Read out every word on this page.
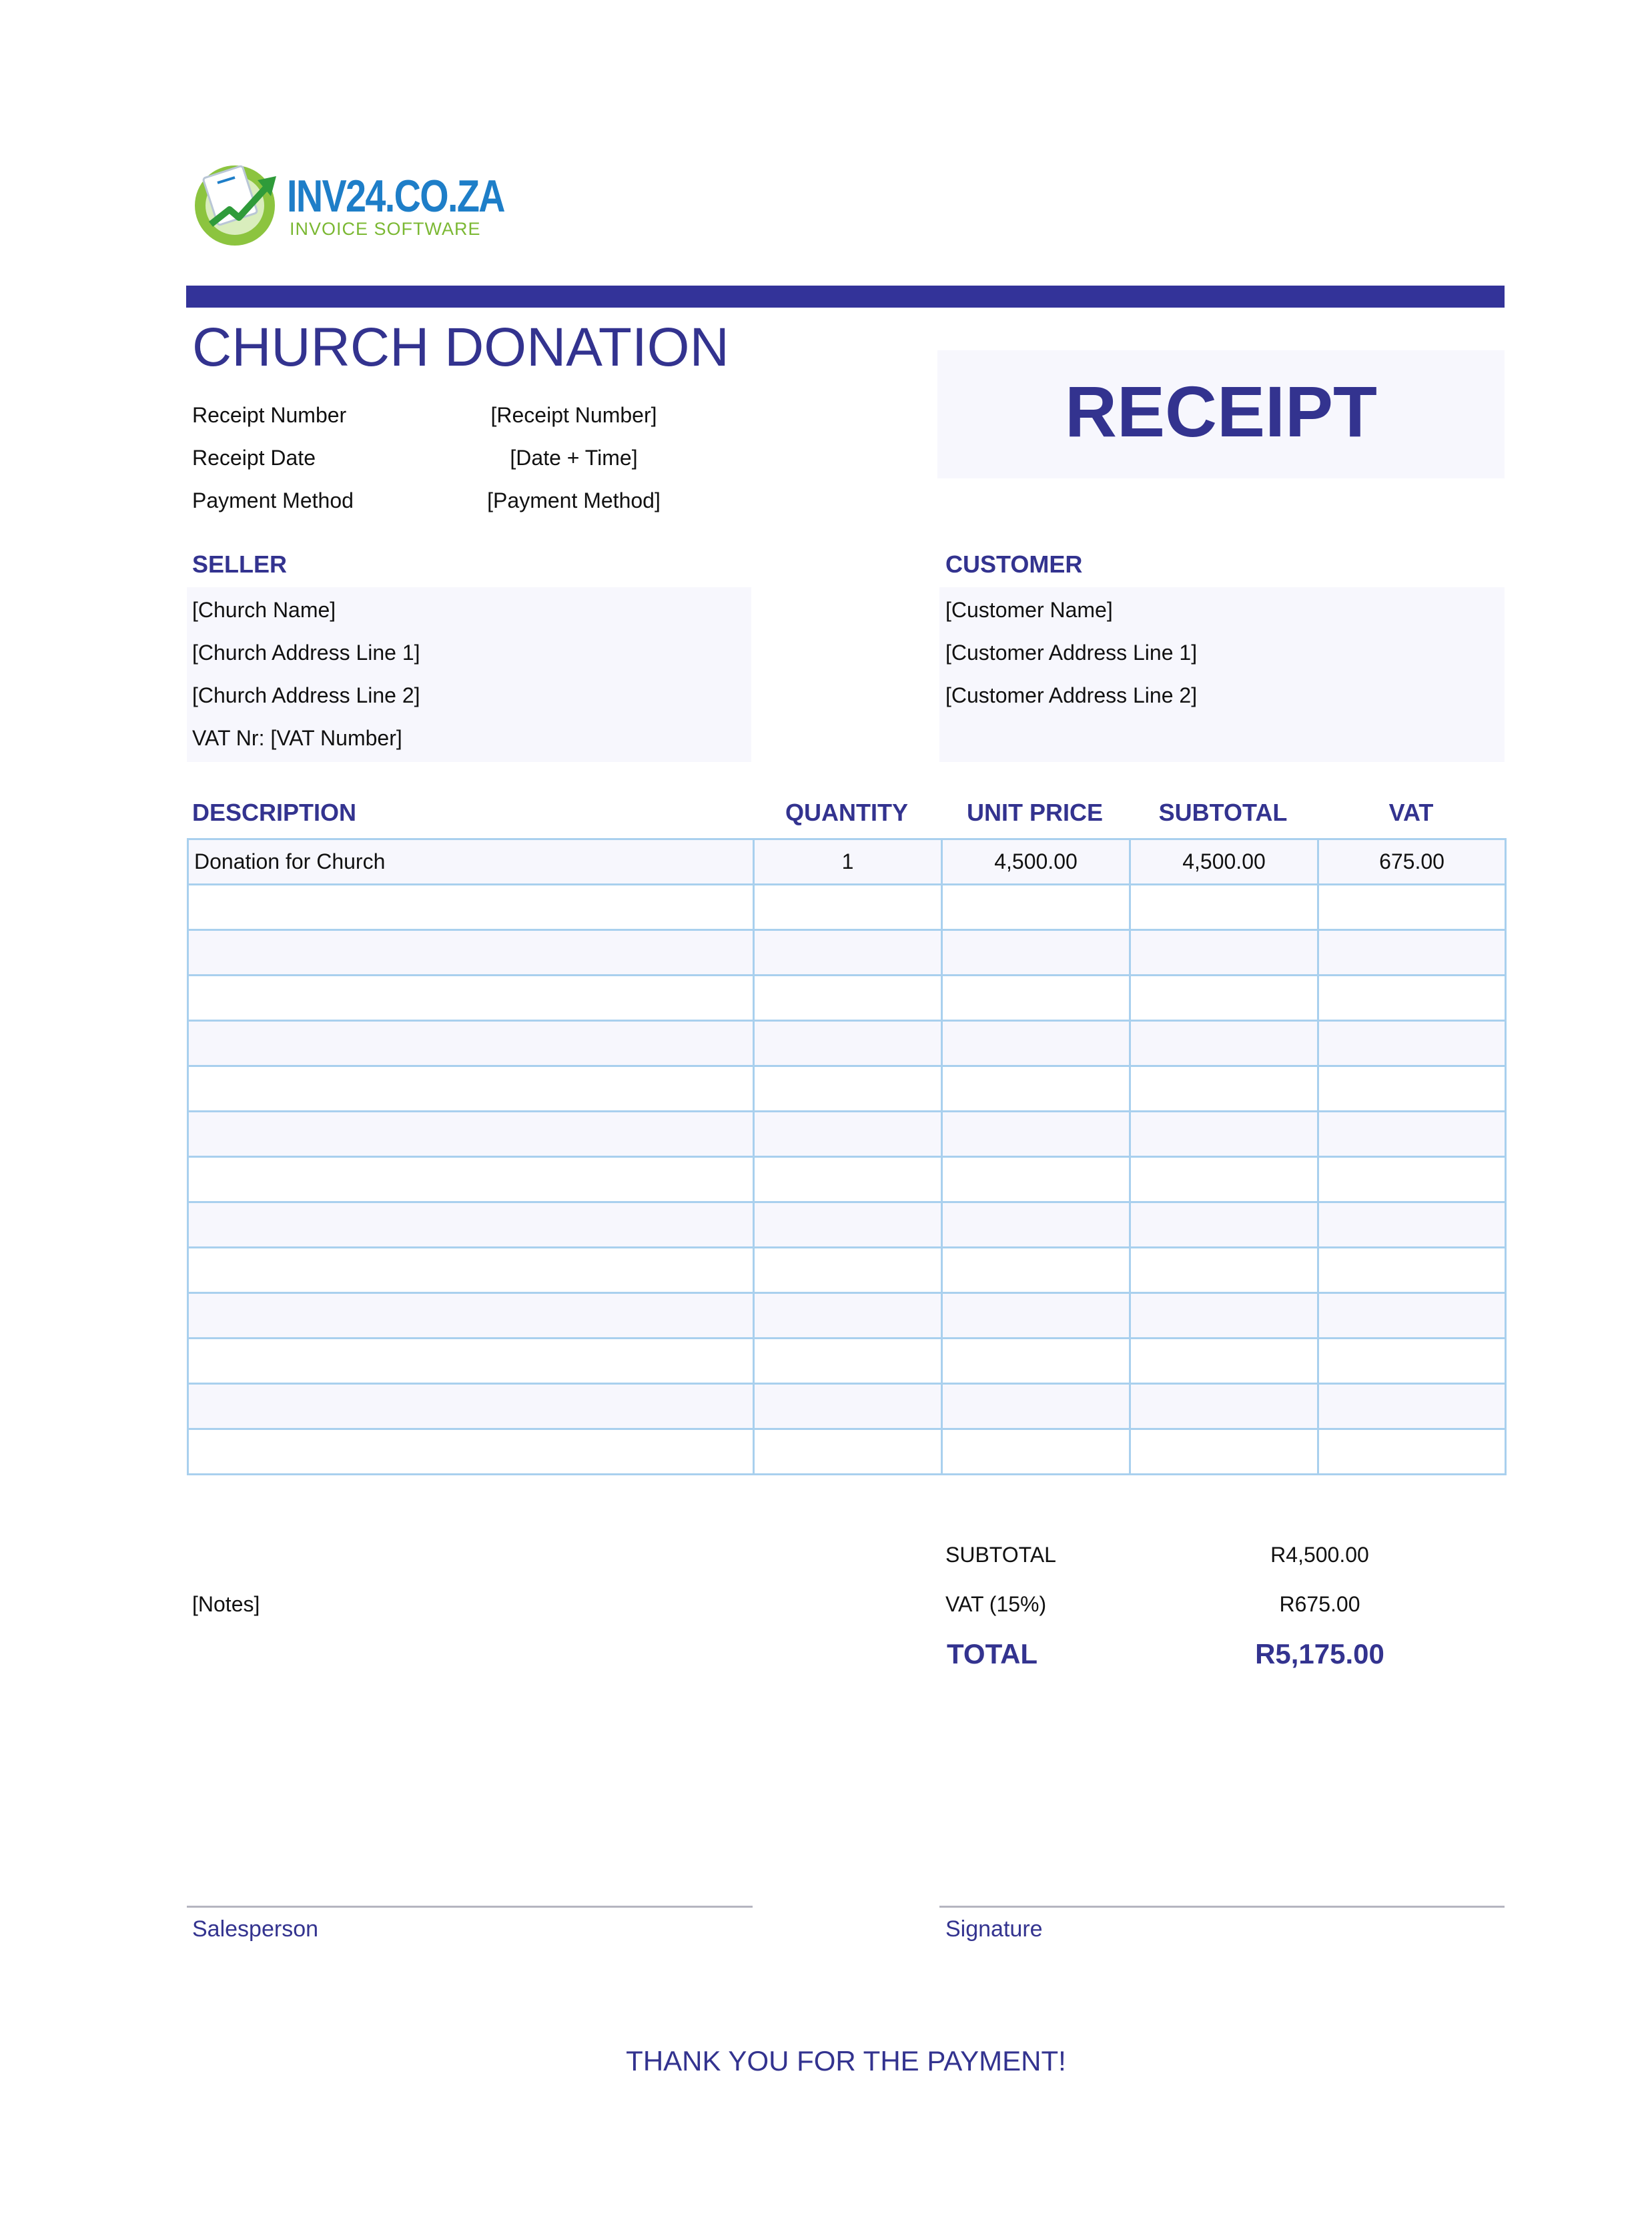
INV24.CO.ZA
INVOICE SOFTWARE
CHURCH DONATION
Receipt Number	[Receipt Number]
Receipt Date	[Date + Time]
Payment Method	[Payment Method]
RECEIPT
SELLER
[Church Name]
[Church Address Line 1]
[Church Address Line 2]
VAT Nr: [VAT Number]
CUSTOMER
[Customer Name]
[Customer Address Line 1]
[Customer Address Line 2]
DESCRIPTION	QUANTITY	UNIT PRICE	SUBTOTAL	VAT
Donation for Church	1	4,500.00	4,500.00	675.00

[Notes]
SUBTOTAL	R4,500.00
VAT (15%)	R675.00
TOTAL	R5,175.00
Salesperson	Signature
THANK YOU FOR THE PAYMENT!
